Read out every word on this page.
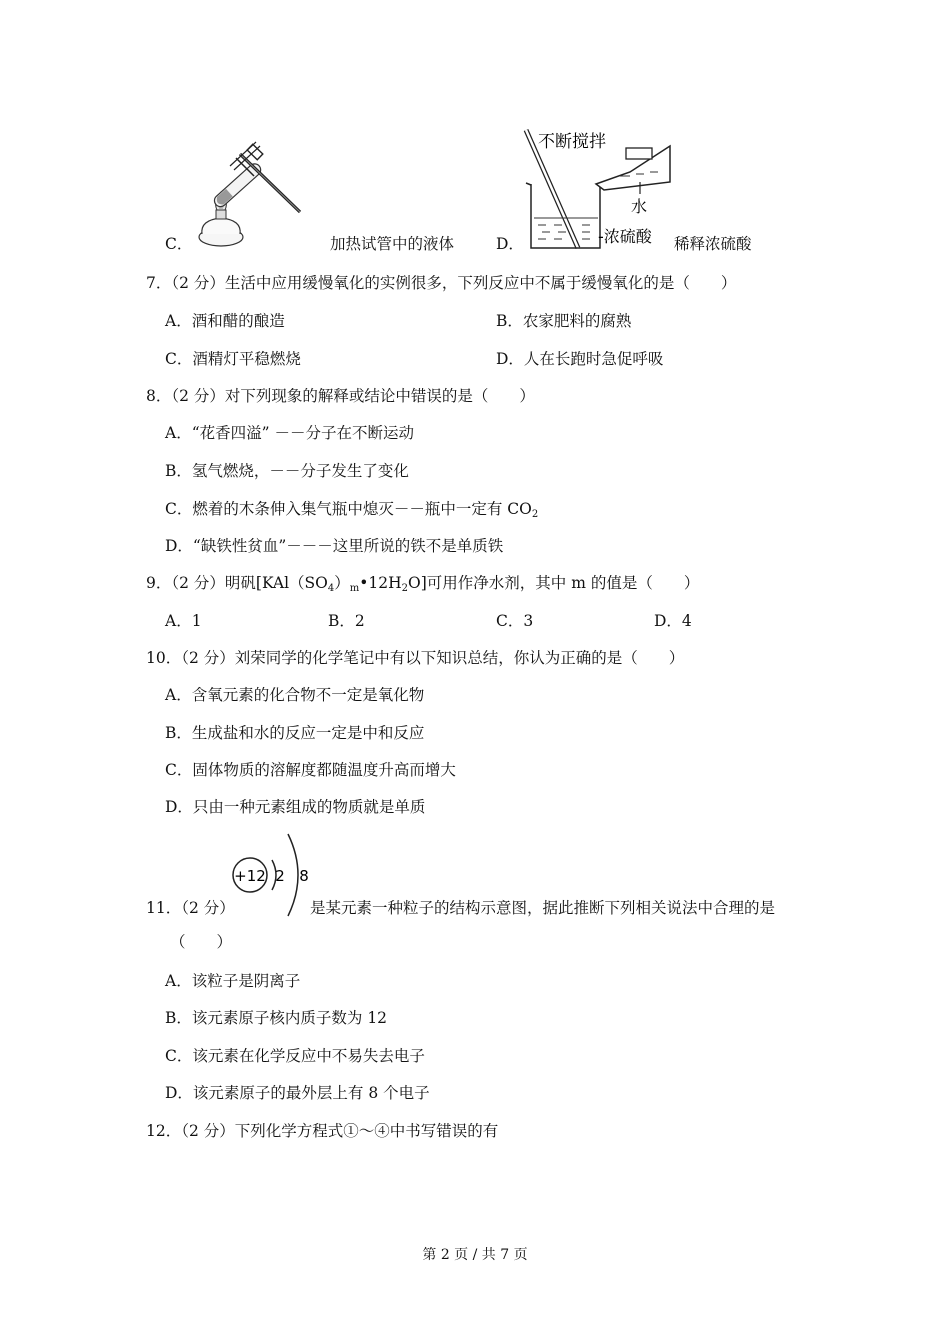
C．	加热试管中的液体
不断搅拌
水
-浓硫酸
D．	稀释浓硫酸
7．（2 分）生活中应用缓慢氧化的实例很多，下列反应中不属于缓慢氧化的是（　　）
A．酒和醋的酿造	B．农家肥料的腐熟
C．酒精灯平稳燃烧	D．人在长跑时急促呼吸
8．（2 分）对下列现象的解释或结论中错误的是（　　）
A．“花香四溢” －－分子在不断运动
B．氢气燃烧，－－分子发生了变化
C．燃着的木条伸入集气瓶中熄灭－－瓶中一定有 $CO_2$
D．“缺铁性贫血”－－－这里所说的铁不是单质铁
9．（2 分）明矾$[KAl(SO_4)_m•12H_2O]$可用作净水剂，其中 m 的值是（　　）
A．1	B．2	C．3	D．4
10．（2 分）刘荣同学的化学笔记中有以下知识总结，你认为正确的是（　　）
A．含氧元素的化合物不一定是氧化物
B．生成盐和水的反应一定是中和反应
C．固体物质的溶解度都随温度升高而增大
D．只由一种元素组成的物质就是单质
+12 2 8
11．（2 分）	是某元素一种粒子的结构示意图，据此推断下列相关说法中合理的是
（　　）
A．该粒子是阴离子
B．该元素原子核内质子数为 12
C．该元素在化学反应中不易失去电子
D．该元素原子的最外层上有 8 个电子
12．（2 分）下列化学方程式①～④中书写错误的有
第 2 页 / 共 7 页
